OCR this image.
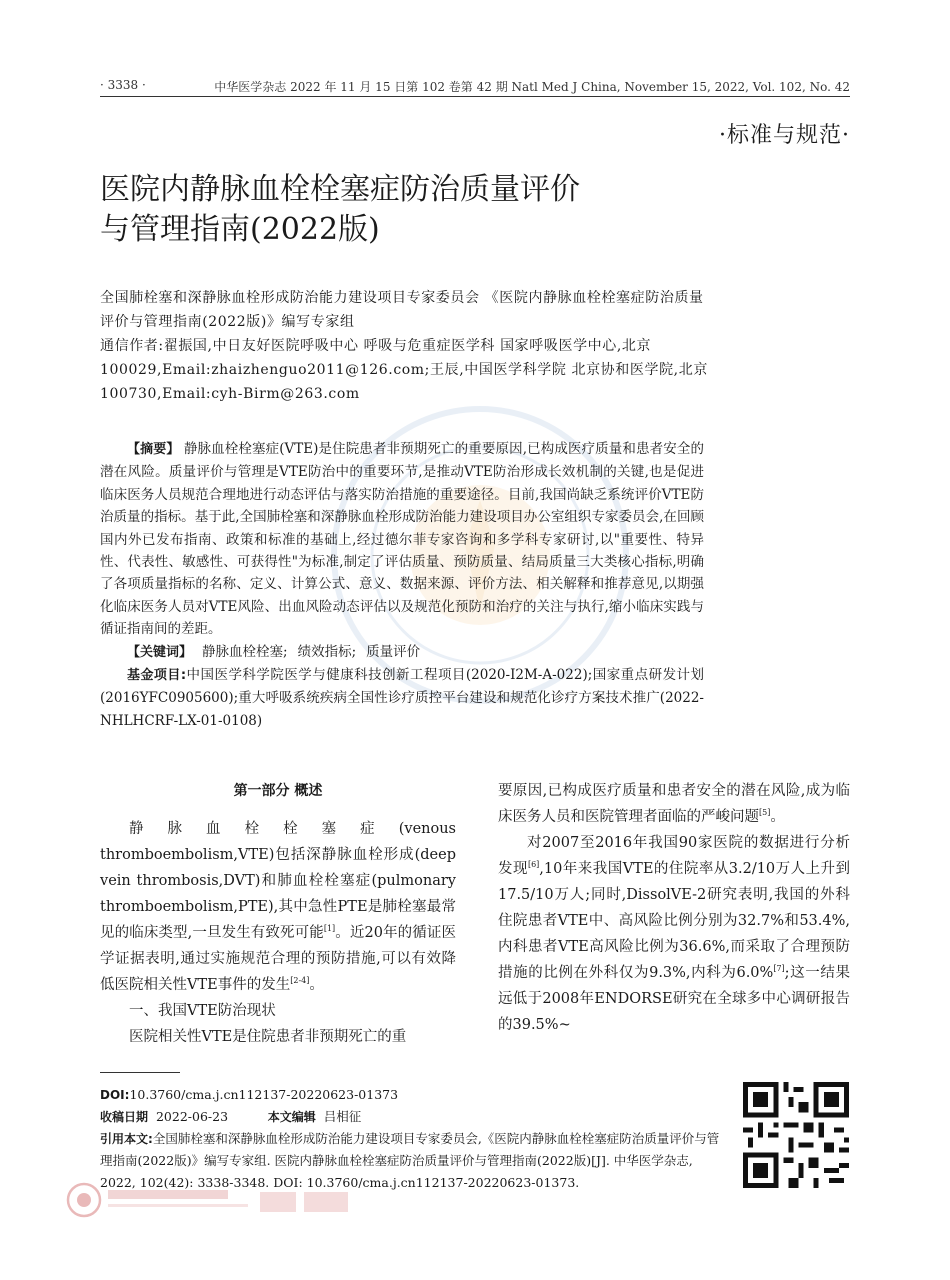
· 3338 ·	中华医学杂志 2022 年 11 月 15 日第 102 卷第 42 期 Natl Med J China, November 15, 2022, Vol. 102, No. 42
·标准与规范·
医院内静脉血栓栓塞症防治质量评价
与管理指南(2022版)
全国肺栓塞和深静脉血栓形成防治能力建设项目专家委员会 《医院内静脉血栓栓塞症防治质量评价与管理指南(2022版)》编写专家组
通信作者:翟振国,中日友好医院呼吸中心 呼吸与危重症医学科 国家呼吸医学中心,北京 100029,Email:zhaizhenguo2011@126.com;王辰,中国医学科学院 北京协和医学院,北京 100730,Email:cyh-Birm@263.com

【摘要】 静脉血栓栓塞症(VTE)是住院患者非预期死亡的重要原因,已构成医疗质量和患者安全的潜在风险。质量评价与管理是VTE防治中的重要环节,是推动VTE防治形成长效机制的关键,也是促进临床医务人员规范合理地进行动态评估与落实防治措施的重要途径。目前,我国尚缺乏系统评价VTE防治质量的指标。基于此,全国肺栓塞和深静脉血栓形成防治能力建设项目办公室组织专家委员会,在回顾国内外已发布指南、政策和标准的基础上,经过德尔菲专家咨询和多学科专家研讨,以"重要性、特异性、代表性、敏感性、可获得性"为标准,制定了评估质量、预防质量、结局质量三大类核心指标,明确了各项质量指标的名称、定义、计算公式、意义、数据来源、评价方法、相关解释和推荐意见,以期强化临床医务人员对VTE风险、出血风险动态评估以及规范化预防和治疗的关注与执行,缩小临床实践与循证指南间的差距。

【关键词】 静脉血栓栓塞; 绩效指标; 质量评价

基金项目:中国医学科学院医学与健康科技创新工程项目(2020-I2M-A-022);国家重点研发计划(2016YFC0905600);重大呼吸系统疾病全国性诊疗质控平台建设和规范化诊疗方案技术推广(2022-NHLHCRF-LX-01-0108)

第一部分 概述

静脉血栓栓塞症(venous thromboembolism,VTE)包括深静脉血栓形成(deep vein thrombosis,DVT)和肺血栓栓塞症(pulmonary thromboembolism,PTE),其中急性PTE是肺栓塞最常见的临床类型,一旦发生有致死可能[1]。近20年的循证医学证据表明,通过实施规范合理的预防措施,可以有效降低医院相关性VTE事件的发生[2-4]。

一、我国VTE防治现状

医院相关性VTE是住院患者非预期死亡的重

要原因,已构成医疗质量和患者安全的潜在风险,成为临床医务人员和医院管理者面临的严峻问题[5]。

对2007至2016年我国90家医院的数据进行分析发现[6],10年来我国VTE的住院率从3.2/10万人上升到17.5/10万人;同时,DissolVE-2研究表明,我国的外科住院患者VTE中、高风险比例分别为32.7%和53.4%,内科患者VTE高风险比例为36.6%,而采取了合理预防措施的比例在外科仅为9.3%,内科为6.0%[7];这一结果远低于2008年ENDORSE研究在全球多中心调研报告的39.5%~

DOI:10.3760/cma.j.cn112137-20220623-01373

收稿日期 2022-06-23	本文编辑 吕相征

引用本文:全国肺栓塞和深静脉血栓形成防治能力建设项目专家委员会,《医院内静脉血栓栓塞症防治质量评价与管理指南(2022版)》编写专家组. 医院内静脉血栓栓塞症防治质量评价与管理指南(2022版)[J]. 中华医学杂志, 2022, 102(42): 3338-3348. DOI: 10.3760/cma.j.cn112137-20220623-01373.
